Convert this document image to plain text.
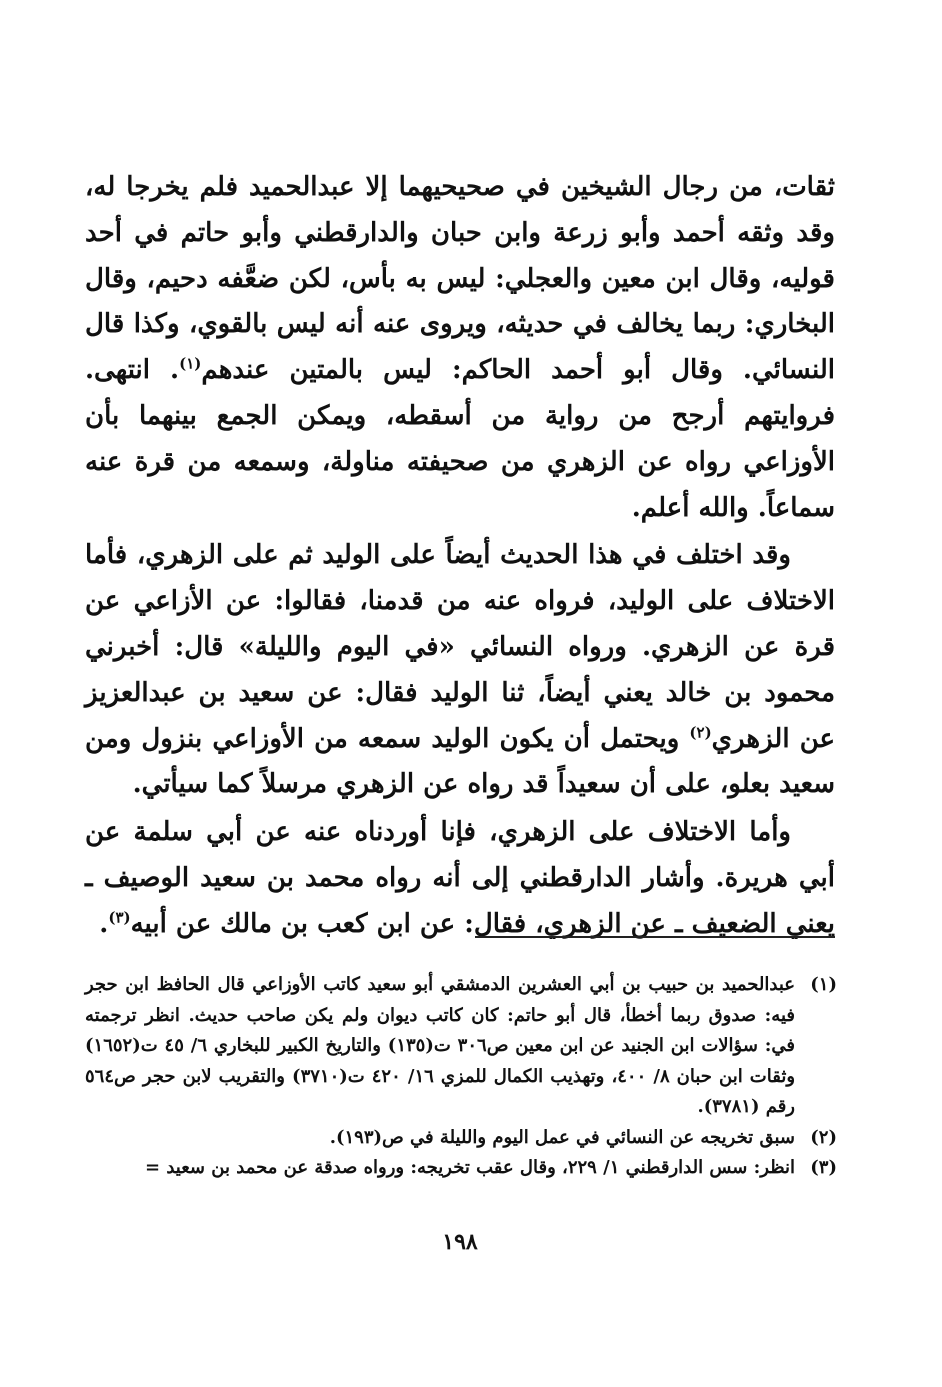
ثقات، من رجال الشيخين في صحيحيهما إلا عبدالحميد فلم يخرجا له، وقد وثقه أحمد وأبو زرعة وابن حبان والدارقطني وأبو حاتم في أحد قوليه، وقال ابن معين والعجلي: ليس به بأس، لكن ضعَّفه دحيم، وقال البخاري: ربما يخالف في حديثه، ويروى عنه أنه ليس بالقوي، وكذا قال النسائي. وقال أبو أحمد الحاكم: ليس بالمتين عندهم$^{(١)}$. انتهى. فروايتهم أرجح من رواية من أسقطه، ويمكن الجمع بينهما بأن الأوزاعي رواه عن الزهري من صحيفته مناولة، وسمعه من قرة عنه سماعاً. والله أعلم.

وقد اختلف في هذا الحديث أيضاً على الوليد ثم على الزهري، فأما الاختلاف على الوليد، فرواه عنه من قدمنا، فقالوا: عن الأزاعي عن قرة عن الزهري. ورواه النسائي «في اليوم والليلة» قال: أخبرني محمود بن خالد يعني أيضاً، ثنا الوليد فقال: عن سعيد بن عبدالعزيز عن الزهري$^{(٢)}$ ويحتمل أن يكون الوليد سمعه من الأوزاعي بنزول ومن سعيد بعلو، على أن سعيداً قد رواه عن الزهري مرسلاً كما سيأتي.

وأما الاختلاف على الزهري، فإنا أوردناه عنه عن أبي سلمة عن أبي هريرة. وأشار الدارقطني إلى أنه رواه محمد بن سعيد الوصيف ـ يعني الضعيف ـ عن الزهري، فقال: عن ابن كعب بن مالك عن أبيه$^{(٣)}$.

(١)
عبدالحميد بن حبيب بن أبي العشرين الدمشقي أبو سعيد كاتب الأوزاعي قال الحافظ ابن حجر فيه: صدوق ربما أخطأ، قال أبو حاتم: كان كاتب ديوان ولم يكن صاحب حديث. انظر ترجمته في: سؤالات ابن الجنيد عن ابن معين ص٣٠٦ ت(١٣٥) والتاريخ الكبير للبخاري ٦/ ٤٥ ت(١٦٥٢) وثقات ابن حبان ٨/ ٤٠٠، وتهذيب الكمال للمزي ١٦/ ٤٢٠ ت(٣٧١٠) والتقريب لابن حجر ص٥٦٤ رقم (٣٧٨١).
(٢)
سبق تخريجه عن النسائي في عمل اليوم والليلة في ص(١٩٣).
(٣)
انظر: سس الدارقطني ١/ ٢٢٩، وقال عقب تخريجه: ورواه صدقة عن محمد بن سعيد =
١٩٨
